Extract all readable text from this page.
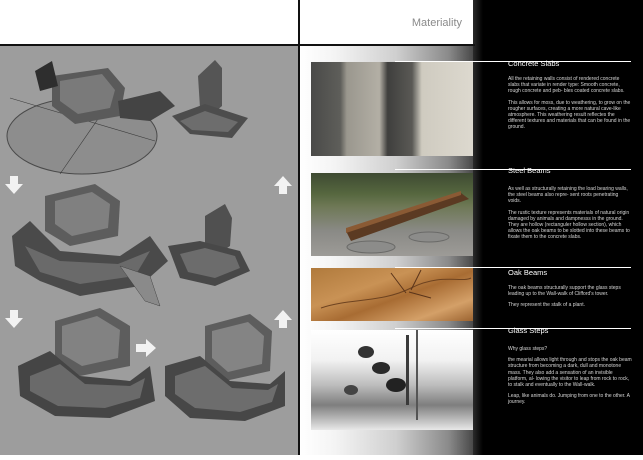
Materiality
Concrete Slabs

All the retaining walls consist of rendered concrete slabs that variate in render type: Smooth concrete, rough concrete and peb- bles coated concrete slabs.

This allows for moss, due to weathering, to grow on the rougher surfaces, creating a more natural cave-like atmosphere. This weathering result reflectes the different textures and materials that can be found in the ground.

Steel Beams

As well as structurally retaining the load bearing walls, the steel beams also repre- sent roots penetrating voids.

The rustic texture represents materials of natural origin damaged by animals and dampnesss in the ground. They are hollow (rectanguler hollow section), which allows the oak beams to be slotted into these beams to fixate them to the concrete slabs.

Oak Beams

The oak beams structurally support the glass steps leading up to the Wall-walk of Clifford's tower.

They represent the stalk of a plant.

Glass Steps

Why glass steps?

the mearial allows light through and stops the oak beam structure from becoming a dark, dull and monotone mass. They also add a sensation of an invisible platform, al- lowing the visitor to leap from rock to rock, to stalk and eventually to the Wall-walk.

Leap, like animals do. Jumping from one to the other. A journey.
